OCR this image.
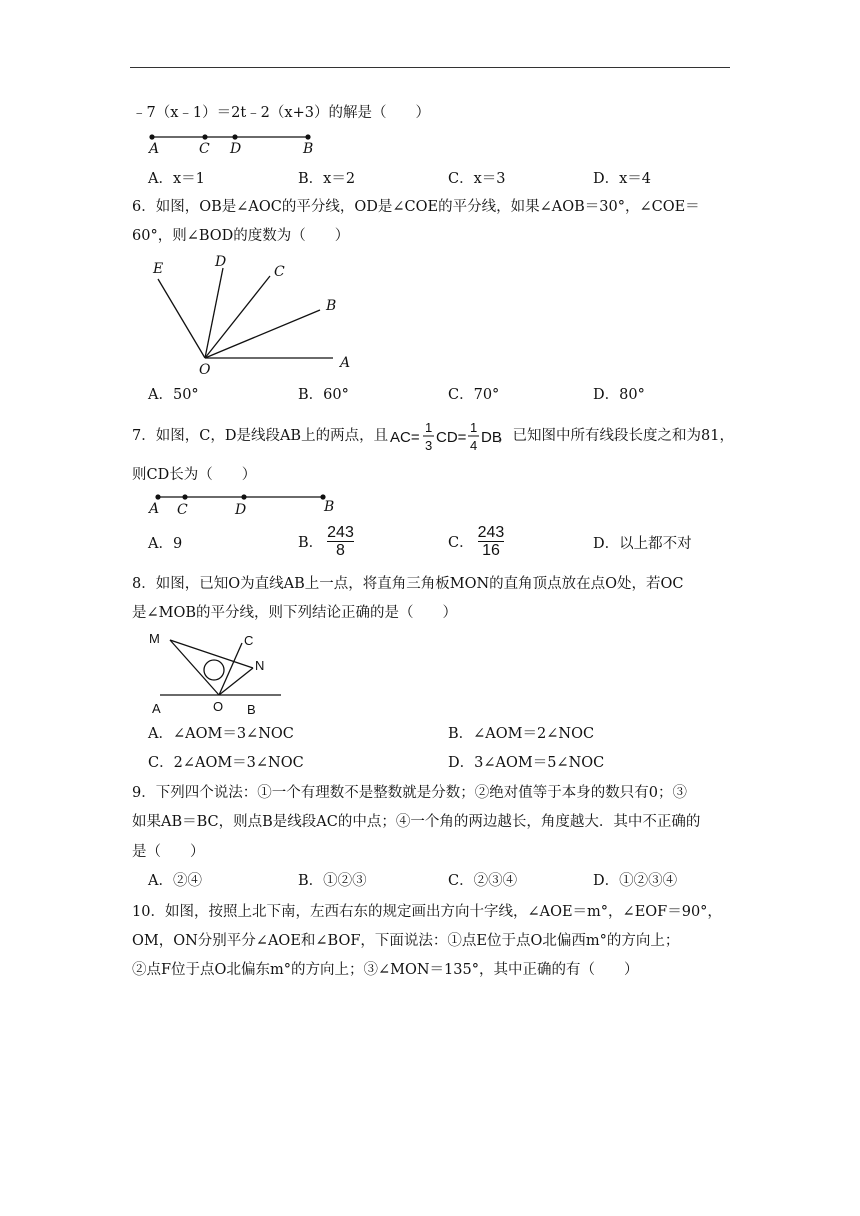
﹣7（x﹣1）＝2t﹣2（x+3）的解是（　　）
A	C D	B
A．x＝1	B．x＝2	C．x＝3	D．x＝4
6．如图，OB是∠AOC的平分线，OD是∠COE的平分线，如果∠AOB＝30°，∠COE＝
60°，则∠BOD的度数为（　　）
E	D
C
B
A
O
A．50°	B．60°	C．70°	D．80°
7．如图，C，D是线段AB上的两点，且 AC=
1
3 CD=
1
4 DB
，已知图中所有线段长度之和为81，
则CD长为（　　）
A C	D	B
A．9	B．
243
8	C．
243
16	D．以上都不对
8．如图，已知O为直线AB上一点，将直角三角板MON的直角顶点放在点O处，若OC
是∠MOB的平分线，则下列结论正确的是（　　）
M	C
N
A	O B
A．∠AOM＝3∠NOC	B．∠AOM＝2∠NOC
C．2∠AOM＝3∠NOC	D．3∠AOM＝5∠NOC
9．下列四个说法：①一个有理数不是整数就是分数；②绝对值等于本身的数只有0；③
如果AB＝BC，则点B是线段AC的中点；④一个角的两边越长，角度越大．其中不正确的
是（　　）
A．②④	B．①②③	C．②③④	D．①②③④
10．如图，按照上北下南，左西右东的规定画出方向十字线，∠AOE＝m°，∠EOF＝90°，
OM，ON分别平分∠AOE和∠BOF，下面说法：①点E位于点O北偏西m°的方向上；
②点F位于点O北偏东m°的方向上；③∠MON＝135°，其中正确的有（　　）
